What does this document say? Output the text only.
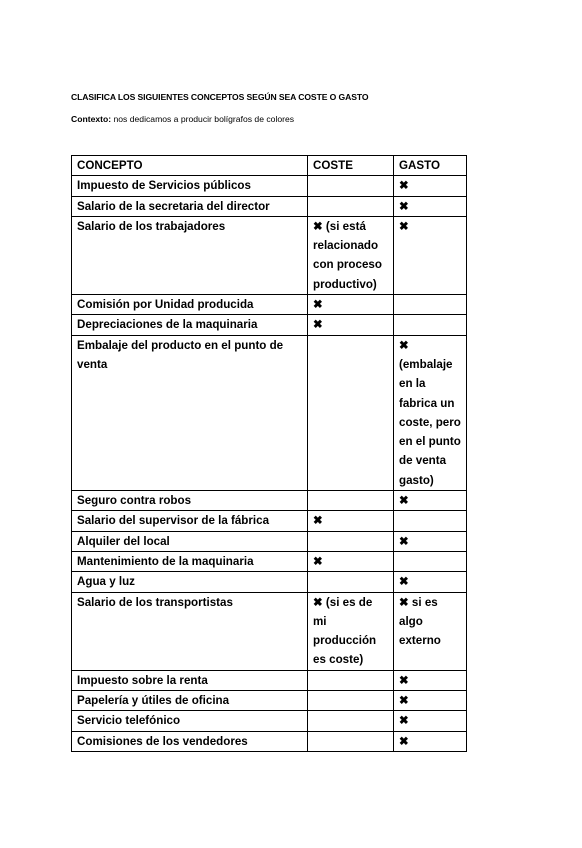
CLASIFICA LOS SIGUIENTES CONCEPTOS SEGÚN SEA COSTE O GASTO
Contexto: nos dedicamos a producir bolígrafos de colores
CONCEPTO	COSTE	GASTO
Impuesto de Servicios públicos		✖
Salario de la secretaria del director		✖
Salario de los trabajadores	✖ (si está relacionado con proceso productivo)	✖
Comisión por Unidad producida	✖	
Depreciaciones de la maquinaria	✖	
Embalaje del producto en el punto de venta		✖ (embalaje en la fabrica un coste, pero en el punto de venta gasto)
Seguro contra robos		✖
Salario del supervisor de la fábrica	✖	
Alquiler del local		✖
Mantenimiento de la maquinaria	✖	
Agua y luz		✖
Salario de los transportistas	✖ (si es de mi producción es coste)	✖ si es algo externo
Impuesto sobre la renta		✖
Papelería y útiles de oficina		✖
Servicio telefónico		✖
Comisiones de los vendedores		✖
